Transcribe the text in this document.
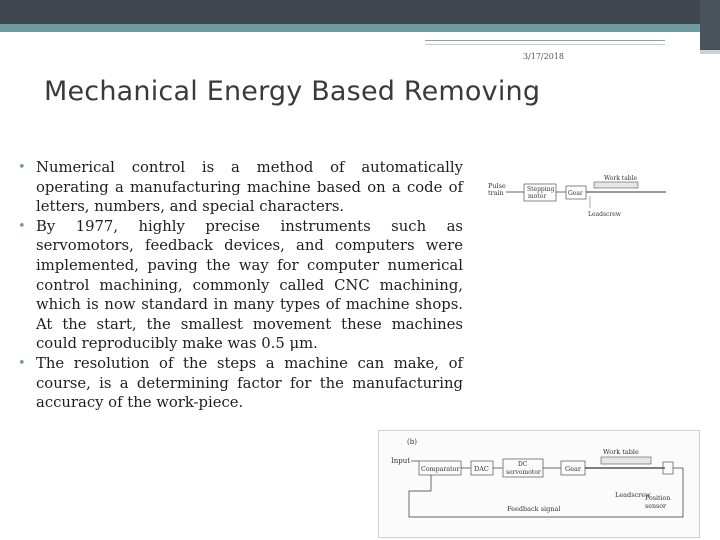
3/17/2018
Mechanical Energy Based Removing
• Numerical control is a method of automatically operating a manufacturing machine based on a code of letters, numbers, and special characters.
• By 1977, highly precise instruments such as servomotors, feedback devices, and computers were implemented, paving the way for computer numerical control machining, commonly called CNC machining, which is now standard in many types of machine shops. At the start, the smallest movement these machines could reproducibly make was 0.5 μm.
• The resolution of the steps a machine can make, of course, is a determining factor for the manufacturing accuracy of the work-piece.
Pulse
train	Stepping
motor	Gear
Work table
Leadscrew
(b)
Input
Comparator DAC
DC
servomotor	Gear
Work table
Leadscrew
Position
sensor
Feedback signal
